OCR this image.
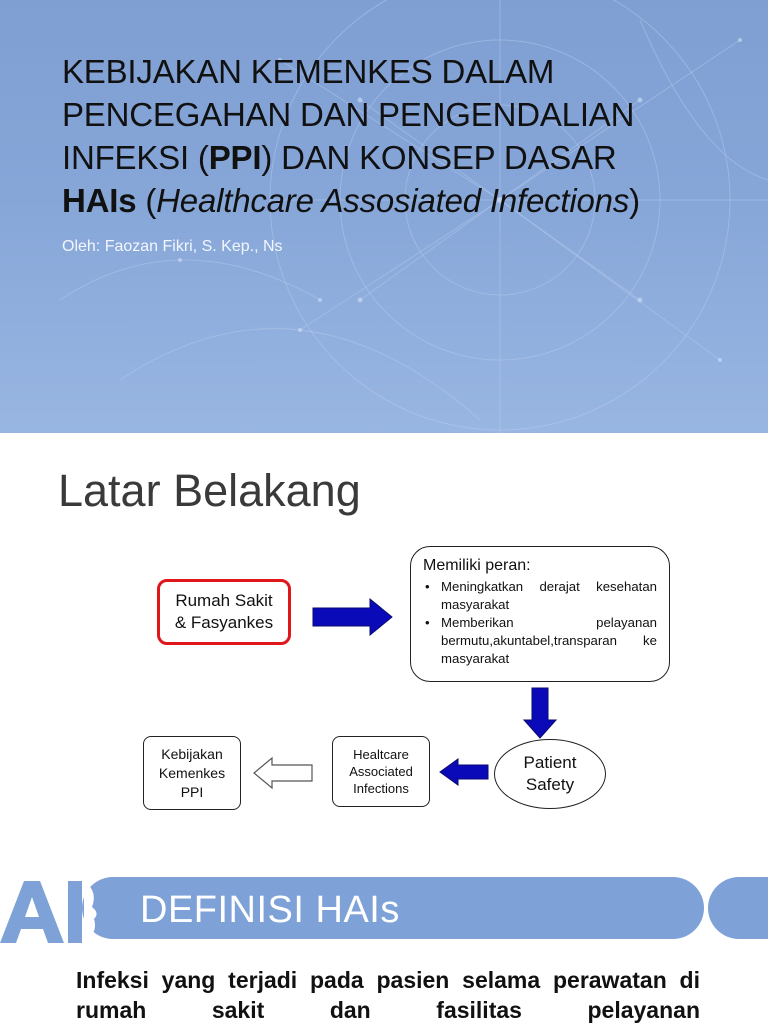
KEBIJAKAN KEMENKES DALAM
PENCEGAHAN DAN PENGENDALIAN
INFEKSI (PPI) DAN KONSEP DASAR
HAIs (Healthcare Assosiated Infections)
Oleh: Faozan Fikri, S. Kep., Ns
Latar Belakang
Rumah Sakit
& Fasyankes
Memiliki peran:
• Meningkatkan derajat kesehatan masyarakat
• Memberikan pelayanan bermutu,akuntabel,transparan ke masyarakat
Patient
Safety
Healtcare
Associated
Infections
Kebijakan
Kemenkes
PPI
DEFINISI HAIs
Infeksi yang terjadi pada pasien selama perawatan di rumah sakit dan fasilitas pelayanan
